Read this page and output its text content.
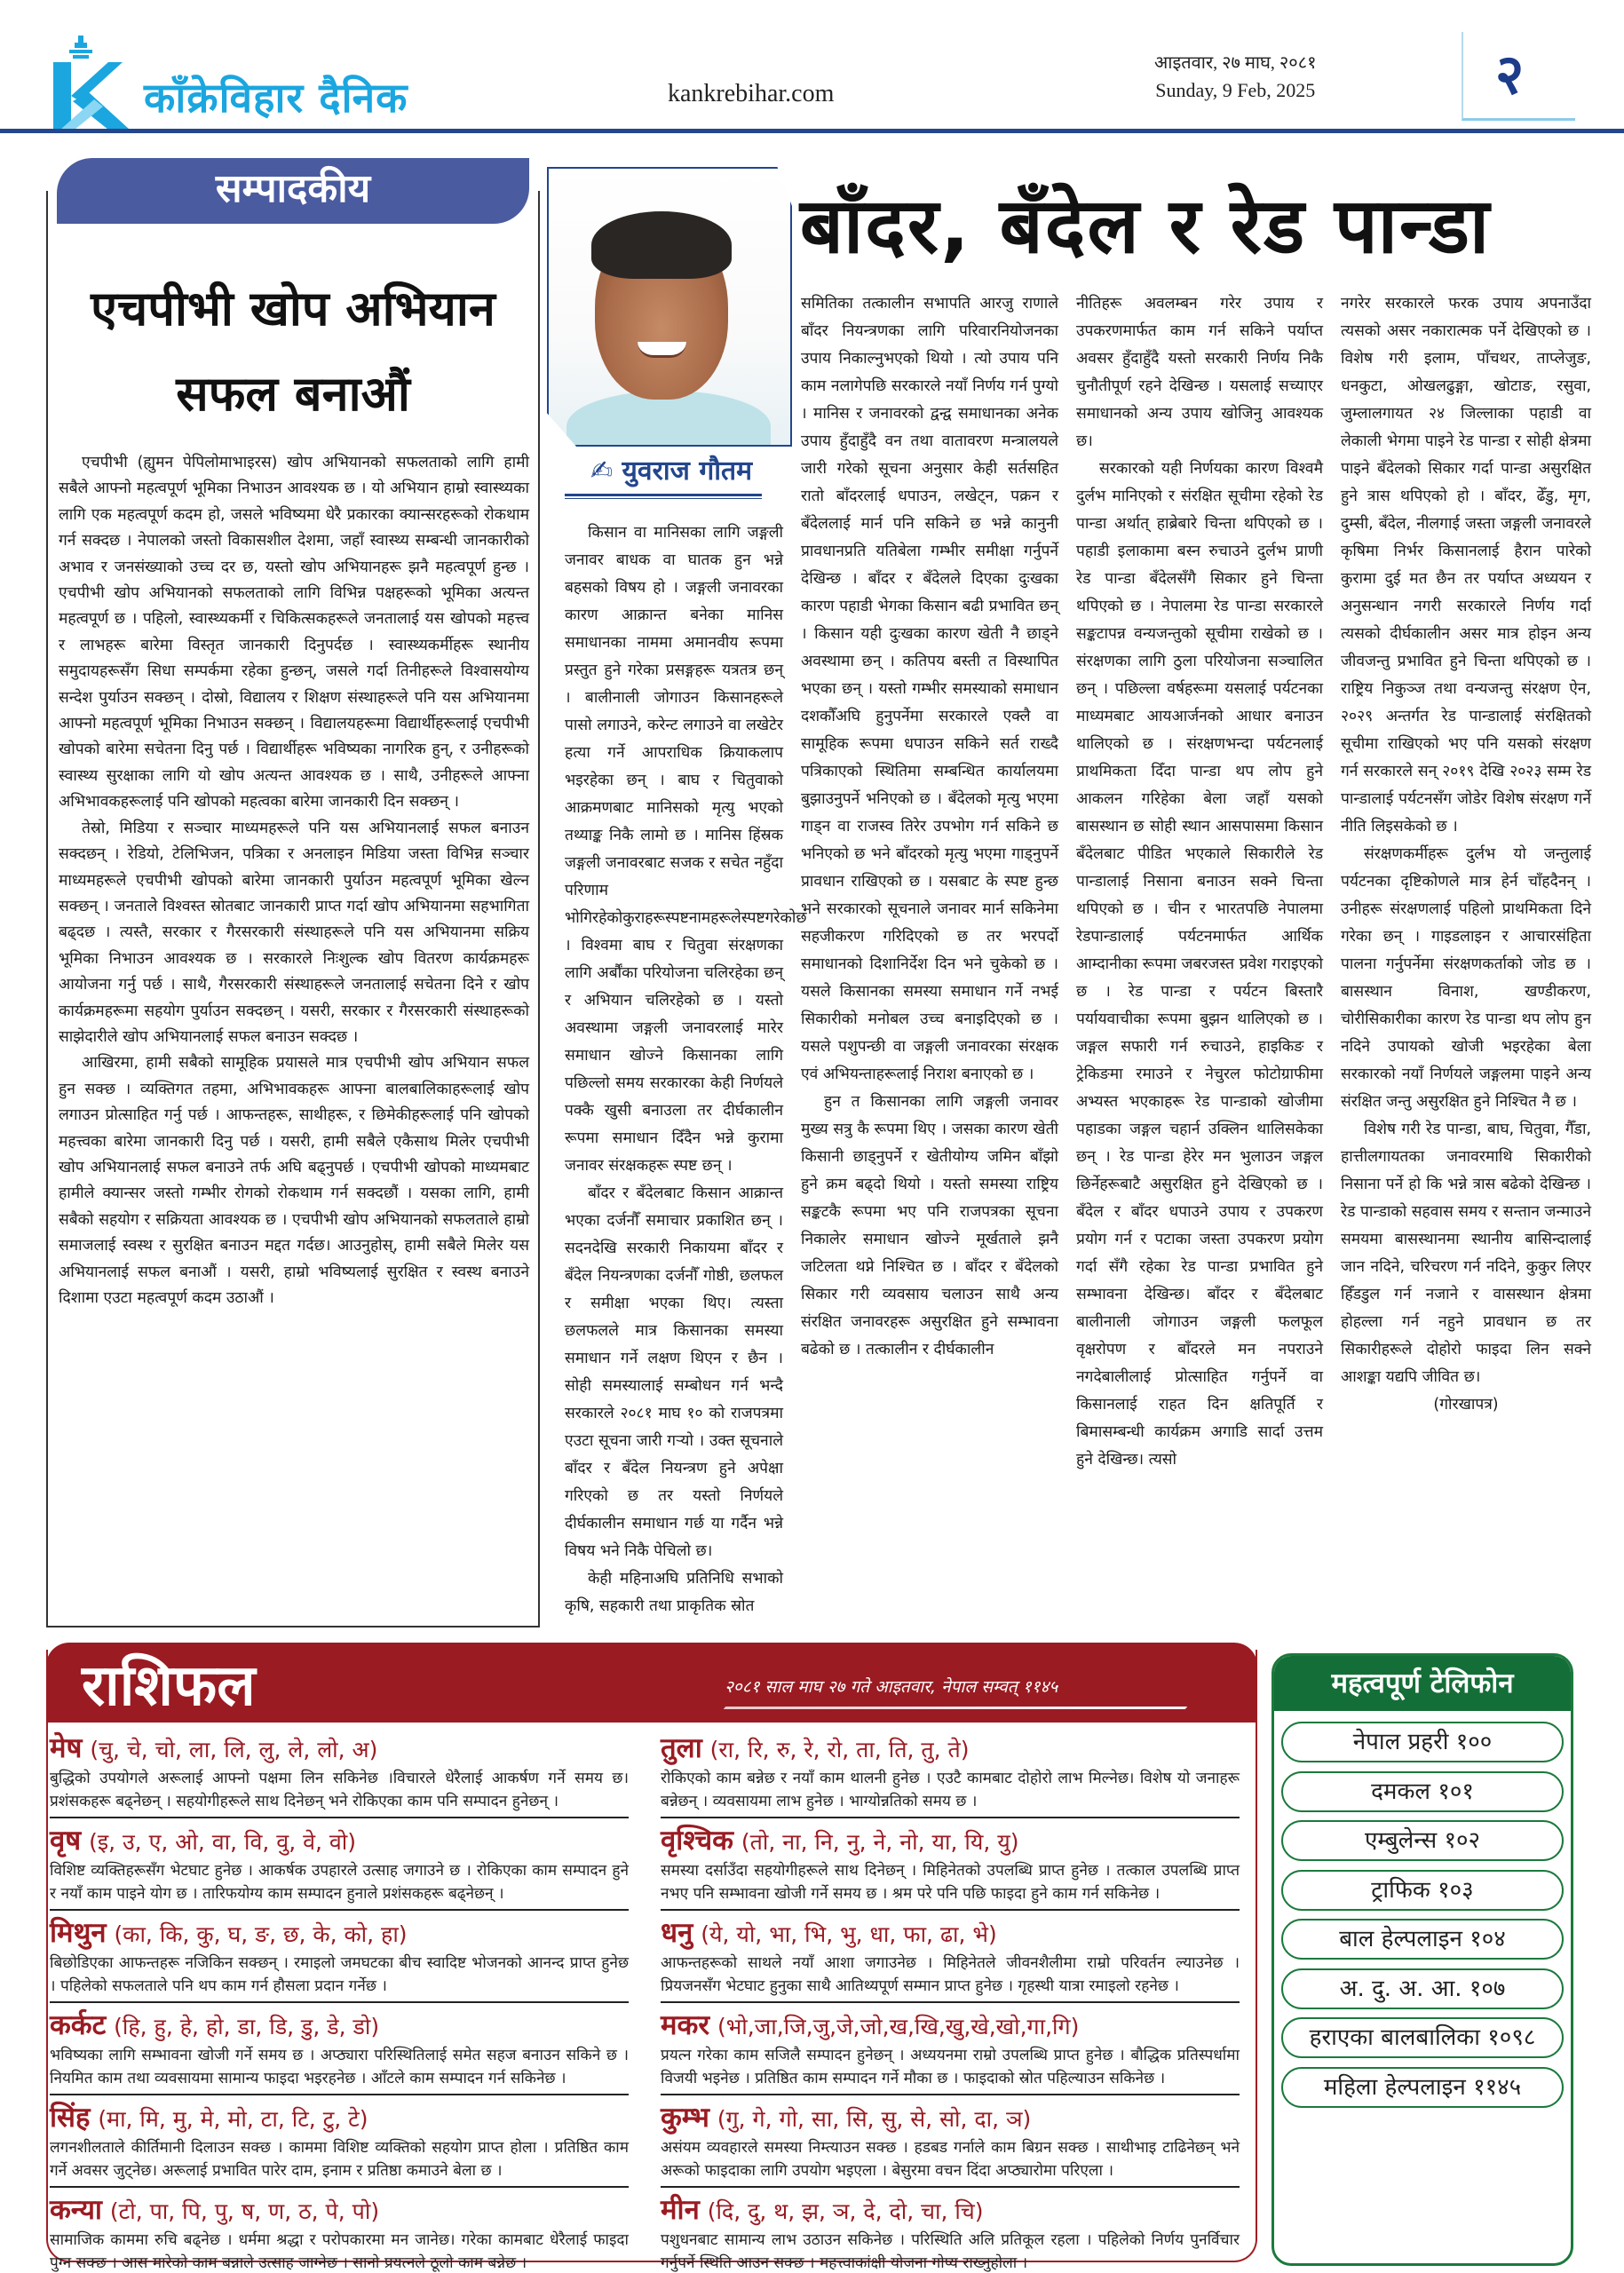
काँक्रेविहार दैनिक	kankrebihar.com
आइतवार, २७ माघ, २०८१
Sunday, 9 Feb, 2025	२
सम्पादकीय
एचपीभी खोप अभियान
सफल बनाऔं

एचपीभी (ह्युमन पेपिलोमाभाइरस) खोप अभियानको सफलताको लागि हामी सबैले आफ्नो महत्वपूर्ण भूमिका निभाउन आवश्यक छ । यो अभियान हाम्रो स्वास्थ्यका लागि एक महत्वपूर्ण कदम हो, जसले भविष्यमा धेरै प्रकारका क्यान्सरहरूको रोकथाम गर्न सक्दछ । नेपालको जस्तो विकासशील देशमा, जहाँ स्वास्थ्य सम्बन्धी जानकारीको अभाव र जनसंख्याको उच्च दर छ, यस्तो खोप अभियानहरू झनै महत्वपूर्ण हुन्छ । एचपीभी खोप अभियानको सफलताको लागि विभिन्न पक्षहरूको भूमिका अत्यन्त महत्वपूर्ण छ । पहिलो, स्वास्थ्यकर्मी र चिकित्सकहरूले जनतालाई यस खोपको महत्त्व र लाभहरू बारेमा विस्तृत जानकारी दिनुपर्दछ । स्वास्थ्यकर्मीहरू स्थानीय समुदायहरूसँग सिधा सम्पर्कमा रहेका हुन्छन्, जसले गर्दा तिनीहरूले विश्वासयोग्य सन्देश पुर्याउन सक्छन् । दोस्रो, विद्यालय र शिक्षण संस्थाहरूले पनि यस अभियानमा आफ्नो महत्वपूर्ण भूमिका निभाउन सक्छन् । विद्यालयहरूमा विद्यार्थीहरूलाई एचपीभी खोपको बारेमा सचेतना दिनु पर्छ । विद्यार्थीहरू भविष्यका नागरिक हुन्, र उनीहरूको स्वास्थ्य सुरक्षाका लागि यो खोप अत्यन्त आवश्यक छ । साथै, उनीहरूले आफ्ना अभिभावकहरूलाई पनि खोपको महत्वका बारेमा जानकारी दिन सक्छन् ।

तेस्रो, मिडिया र सञ्चार माध्यमहरूले पनि यस अभियानलाई सफल बनाउन सक्दछन् । रेडियो, टेलिभिजन, पत्रिका र अनलाइन मिडिया जस्ता विभिन्न सञ्चार माध्यमहरूले एचपीभी खोपको बारेमा जानकारी पुर्याउन महत्वपूर्ण भूमिका खेल्न सक्छन् । जनतालेे विश्वस्त स्रोतबाट जानकारी प्राप्त गर्दा खोप अभियानमा सहभागिता बढ्दछ । त्यस्तै, सरकार र गैरसरकारी संस्थाहरूले पनि यस अभियानमा सक्रिय भूमिका निभाउन आवश्यक छ । सरकारले निःशुल्क खोप वितरण कार्यक्रमहरू आयोजना गर्नु पर्छ । साथै, गैरसरकारी संस्थाहरूले जनतालाई सचेतना दिने र खोप कार्यक्रमहरूमा सहयोग पुर्याउन सक्दछन् । यसरी, सरकार र गैरसरकारी संस्थाहरूको साझेदारीले खोप अभियानलाई सफल बनाउन सक्दछ ।

आखिरमा, हामी सबैको सामूहिक प्रयासले मात्र एचपीभी खोप अभियान सफल हुन सक्छ । व्यक्तिगत तहमा, अभिभावकहरू आफ्ना बालबालिकाहरूलाई खोप लगाउन प्रोत्साहित गर्नु पर्छ । आफन्तहरू, साथीहरू, र छिमेकीहरूलाई पनि खोपको महत्त्वका बारेमा जानकारी दिनु पर्छ । यसरी, हामी सबैले एकैसाथ मिलेर एचपीभी खोप अभियानलाई सफल बनाउने तर्फ अघि बढ्नुपर्छ । एचपीभी खोपको माध्यमबाट हामीले क्यान्सर जस्तो गम्भीर रोगको रोकथाम गर्न सक्दछौं । यसका लागि, हामी सबैको सहयोग र सक्रियता आवश्यक छ । एचपीभी खोप अभियानको सफलताले हाम्रो समाजलाई स्वस्थ र सुरक्षित बनाउन मद्दत गर्दछ। आउनुहोस्, हामी सबैले मिलेर यस अभियानलाई सफल बनाऔं । यसरी, हाम्रो भविष्यलाई सुरक्षित र स्वस्थ बनाउने दिशामा एउटा महत्वपूर्ण कदम उठाऔं ।

✍ युवराज गौतम
बाँदर, बँदेल र रेड पान्डा

किसान वा मानिसका लागि जङ्गली जनावर बाधक वा घातक हुन भन्ने बहसको विषय हो । जङ्गली जनावरका कारण आक्रान्त बनेका मानिस समाधानका नाममा अमानवीय रूपमा प्रस्तुत हुने गरेका प्रसङ्गहरू यत्रतत्र छन् । बालीनाली जोगाउन किसानहरूले पासो लगाउने, करेन्ट लगाउने वा लखेटेर हत्या गर्ने आपराधिक क्रियाकलाप भइरहेका छन् । बाघ र चितुवाको आक्रमणबाट मानिसको मृत्यु भएको तथ्याङ्क निकै लामो छ । मानिस हिंस्रक जङ्गली जनावरबाट सजक र सचेत नहुँदा परिणाम भोगिरहेकोकुराहरूस्पष्टनामहरूलेस्पष्टगरेकोछ । विश्वमा बाघ र चितुवा संरक्षणका लागि अर्बौंका परियोजना चलिरहेका छन् र अभियान चलिरहेको छ । यस्तो अवस्थामा जङ्गली जनावरलाई मारेर समाधान खोज्ने किसानका लागि पछिल्लो समय सरकारका केही निर्णयले पक्कै खुसी बनाउला तर दीर्घकालीन रूपमा समाधान दिँदैन भन्ने कुरामा जनावर संरक्षकहरू स्पष्ट छन् ।

बाँदर र बँदेलबाट किसान आक्रान्त भएका दर्जनौँ समाचार प्रकाशित छन् । सदनदेखि सरकारी निकायमा बाँदर र बँदेल नियन्त्रणका दर्जनौँ गोष्ठी, छलफल र समीक्षा भएका थिए। त्यस्ता छलफलले मात्र किसानका समस्या समाधान गर्ने लक्षण थिएन र छैन । सोही समस्यालाई सम्बोधन गर्न भन्दै सरकारले २०८१ माघ १० को राजपत्रमा एउटा सूचना जारी गऱ्यो । उक्त सूचनाले बाँदर र बँदेल नियन्त्रण हुने अपेक्षा गरिएको छ तर यस्तो निर्णयले दीर्घकालीन समाधान गर्छ या गर्दैन भन्ने विषय भने निकै पेचिलो छ।

केही महिनाअघि प्रतिनिधि सभाको कृषि, सहकारी तथा प्राकृतिक स्रोत

समितिका तत्कालीन सभापति आरजु राणाले बाँदर नियन्त्रणका लागि परिवारनियोजनका उपाय निकाल्नुभएको थियो । त्यो उपाय पनि काम नलागेपछि सरकारले नयाँ निर्णय गर्न पुग्यो । मानिस र जनावरको द्वन्द्व समाधानका अनेक उपाय हुँदाहुँदै वन तथा वातावरण मन्त्रालयले जारी गरेको सूचना अनुसार केही सर्तसहित रातो बाँदरलाई धपाउन, लखेट्न, पक्रन र बँदेललाई मार्न पनि सकिने छ भन्ने कानुनी प्रावधानप्रति यतिबेला गम्भीर समीक्षा गर्नुपर्ने देखिन्छ । बाँदर र बँदेलले दिएका दुःखका कारण पहाडी भेगका किसान बढी प्रभावित छन् । किसान यही दुःखका कारण खेती नै छाड्ने अवस्थामा छन् । कतिपय बस्ती त विस्थापित भएका छन् । यस्तो गम्भीर समस्याको समाधान दशकौँअघि हुनुपर्नेमा सरकारले एक्लै वा सामूहिक रूपमा धपाउन सकिने सर्त राख्दै पत्रिकाएको स्थितिमा सम्बन्धित कार्यालयमा बुझाउनुपर्ने भनिएको छ । बँदेलको मृत्यु भएमा गाड्न वा राजस्व तिरेर उपभोग गर्न सकिने छ भनिएको छ भने बाँदरको मृत्यु भएमा गाड्नुपर्ने प्रावधान राखिएको छ । यसबाट के स्पष्ट हुन्छ भने सरकारको सूचनाले जनावर मार्न सकिनेमा सहजीकरण गरिदिएको छ तर भरपर्दो समाधानको दिशानिर्देश दिन भने चुकेको छ । यसले किसानका समस्या समाधान गर्ने नभई सिकारीको मनोबल उच्च बनाइदिएको छ । यसले पशुपन्छी वा जङ्गली जनावरका संरक्षक एवं अभियन्ताहरूलाई निराश बनाएको छ ।

हुन त किसानका लागि जङ्गली जनावर मुख्य सत्रु कै रूपमा थिए । जसका कारण खेती किसानी छाड्नुपर्ने र खेतीयोग्य जमिन बाँझो हुने क्रम बढ्दो थियो । यस्तो समस्या राष्ट्रिय सङ्कटकै रूपमा भए पनि राजपत्रका सूचना निकालेर समाधान खोज्ने मूर्खताले झनै जटिलता थप्ने निश्चित छ । बाँदर र बँदेलको सिकार गरी व्यवसाय चलाउन साथै अन्य संरक्षित जनावरहरू असुरक्षित हुने सम्भावना बढेको छ । तत्कालीन र दीर्घकालीन

नीतिहरू अवलम्बन गरेर उपाय र उपकरणमार्फत काम गर्न सकिने पर्याप्त अवसर हुँदाहुँदै यस्तो सरकारी निर्णय निकै चुनौतीपूर्ण रहने देखिन्छ । यसलाई सच्याएर समाधानको अन्य उपाय खोजिनु आवश्यक छ।

सरकारको यही निर्णयका कारण विश्वमै दुर्लभ मानिएको र संरक्षित सूचीमा रहेको रेड पान्डा अर्थात् हाब्रेबारे चिन्ता थपिएको छ । पहाडी इलाकामा बस्न रुचाउने दुर्लभ प्राणी रेड पान्डा बँदेलसँगै सिकार हुने चिन्ता थपिएको छ । नेपालमा रेड पान्डा सरकारले सङ्कटापन्न वन्यजन्तुको सूचीमा राखेको छ । संरक्षणका लागि ठुला परियोजना सञ्चालित छन् । पछिल्ला वर्षहरूमा यसलाई पर्यटनका माध्यमबाट आयआर्जनको आधार बनाउन थालिएको छ । संरक्षणभन्दा पर्यटनलाई प्राथमिकता दिँदा पान्डा थप लोप हुने आकलन गरिहेका बेला जहाँ यसको बासस्थान छ सोही स्थान आसपासमा किसान बँदेलबाट पीडित भएकाले सिकारीले रेड पान्डालाई निसाना बनाउन सक्ने चिन्ता थपिएको छ । चीन र भारतपछि नेपालमा रेडपान्डालाई पर्यटनमार्फत आर्थिक आम्दानीका रूपमा जबरजस्त प्रवेश गराइएको छ । रेड पान्डा र पर्यटन बिस्तारै पर्यायवाचीका रूपमा बुझन थालिएको छ । जङ्गल सफारी गर्न रुचाउने, हाइकिङ र ट्रेकिङमा रमाउने र नेचुरल फोटोग्राफीमा अभ्यस्त भएकाहरू रेड पान्डाको खोजीमा पहाडका जङ्गल चहार्न उक्लिन थालिसकेका छन् । रेड पान्डा हेरेर मन भुलाउन जङ्गल छिर्नेहरूबाटै असुरक्षित हुने देखिएको छ । बँदेल र बाँदर धपाउने उपाय र उपकरण प्रयोग गर्न र पटाका जस्ता उपकरण प्रयोग गर्दा सँगै रहेका रेड पान्डा प्रभावित हुने सम्भावना देखिन्छ। बाँदर र बँदेलबाट बालीनाली जोगाउन जङ्गली फलफूल वृक्षरोपण र बाँदरले मन नपराउने नगदेबालीलाई प्रोत्साहित गर्नुपर्ने वा किसानलाई राहत दिन क्षतिपूर्ति र बिमासम्बन्धी कार्यक्रम अगाडि सार्दा उत्तम हुने देखिन्छ। त्यसो

नगरेर सरकारले फरक उपाय अपनाउँदा त्यसको असर नकारात्मक पर्ने देखिएको छ । विशेष गरी इलाम, पाँचथर, ताप्लेजुङ, धनकुटा, ओखलढुङ्गा, खोटाङ, रसुवा, जुम्लालगायत २४ जिल्लाका पहाडी वा लेकाली भेगमा पाइने रेड पान्डा र सोही क्षेत्रमा पाइने बँदेलको सिकार गर्दा पान्डा असुरक्षित हुने त्रास थपिएको हो । बाँदर, ढेँडु, मृग, दुम्सी, बँदेल, नीलगाई जस्ता जङ्गली जनावरले कृषिमा निर्भर किसानलाई हैरान पारेको कुरामा दुई मत छैन तर पर्याप्त अध्ययन र अनुसन्धान नगरी सरकारले निर्णय गर्दा त्यसको दीर्घकालीन असर मात्र होइन अन्य जीवजन्तु प्रभावित हुने चिन्ता थपिएको छ । राष्ट्रिय निकुञ्ज तथा वन्यजन्तु संरक्षण ऐन, २०२९ अन्तर्गत रेड पान्डालाई संरक्षितको सूचीमा राखिएको भए पनि यसको संरक्षण गर्न सरकारले सन् २०१९ देखि २०२३ सम्म रेड पान्डालाई पर्यटनसँग जोडेर विशेष संरक्षण गर्ने नीति लिइसकेको छ ।

संरक्षणकर्मीहरू दुर्लभ यो जन्तुलाई पर्यटनका दृष्टिकोणले मात्र हेर्न चाँहदैनन् । उनीहरू संरक्षणलाई पहिलो प्राथमिकता दिने गरेका छन् । गाइडलाइन र आचारसंहिता पालना गर्नुपर्नेमा संरक्षणकर्ताको जोड छ । बासस्थान विनाश, खण्डीकरण, चोरीसिकारीका कारण रेड पान्डा थप लोप हुन नदिने उपायको खोजी भइरहेका बेला सरकारको नयाँ निर्णयले जङ्गलमा पाइने अन्य संरक्षित जन्तु असुरक्षित हुने निश्चित नै छ ।

विशेष गरी रेड पान्डा, बाघ, चितुवा, गैँडा, हात्तीलगायतका जनावरमाथि सिकारीको निसाना पर्ने हो कि भन्ने त्रास बढेको देखिन्छ । रेड पान्डाको सहवास समय र सन्तान जन्माउने समयमा बासस्थानमा स्थानीय बासिन्दालाई जान नदिने, चरिचरण गर्न नदिने, कुकुर लिएर हिँडडुल गर्न नजाने र वासस्थान क्षेत्रमा होहल्ला गर्न नहुने प्रावधान छ तर सिकारीहरूले दोहोरो फाइदा लिन सक्ने आशङ्का यद्यपि जीवित छ।

(गोरखापत्र)

राशिफल	२०८१ साल माघ २७ गते आइतवार, नेपाल सम्वत् ११४५
मेष (चु, चे, चो, ला, लि, लु, ले, लो, अ)
बुद्धिको उपयोगले अरूलाई आफ्नो पक्षमा लिन सकिनेछ ।विचारले धेरैलाई आकर्षण गर्ने समय छ। प्रशंसकहरू बढ्नेछन् । सहयोगीहरूले साथ दिनेछन् भने रोकिएका काम पनि सम्पादन हुनेछन् ।
वृष (इ, उ, ए, ओ, वा, वि, वु, वे, वो)
विशिष्ट व्यक्तिहरूसँग भेटघाट हुनेछ । आकर्षक उपहारले उत्साह जगाउने छ । रोकिएका काम सम्पादन हुने र नयाँ काम पाइने योग छ । तारिफयोग्य काम सम्पादन हुनाले प्रशंसकहरू बढ्नेछन् ।
मिथुन (का, कि, कु, घ, ङ, छ, के, को, हा)
बिछोडिएका आफन्तहरू नजिकिन सक्छन् । रमाइलो जमघटका बीच स्वादिष्ट भोजनको आनन्द प्राप्त हुनेछ । पहिलेको सफलताले पनि थप काम गर्न हौसला प्रदान गर्नेछ ।
कर्कट (हि, हु, हे, हो, डा, डि, डु, डे, डो)
भविष्यका लागि सम्भावना खोजी गर्ने समय छ । अप्ठ्यारा परिस्थितिलाई समेत सहज बनाउन सकिने छ । नियमित काम तथा व्यवसायमा सामान्य फाइदा भइरहनेछ । आँटले काम सम्पादन गर्न सकिनेछ ।
सिंह (मा, मि, मु, मे, मो, टा, टि, टु, टे)
लगनशीलताले कीर्तिमानी दिलाउन सक्छ । काममा विशिष्ट व्यक्तिको सहयोग प्राप्त होला । प्रतिष्ठित काम गर्ने अवसर जुट्नेछ। अरूलाई प्रभावित पारेर दाम, इनाम र प्रतिष्ठा कमाउने बेला छ ।
कन्या (टो, पा, पि, पु, ष, ण, ठ, पे, पो)
सामाजिक काममा रुचि बढ्नेछ । धर्ममा श्रद्धा र परोपकारमा मन जानेछ। गरेका कामबाट धेरैलाई फाइदा पुग्न सक्छ । आस मारेको काम बन्नाले उत्साह जाग्नेछ । सानो प्रयत्नले ठूलो काम बन्नेछ ।
तुला (रा, रि, रु, रे, रो, ता, ति, तु, ते)
रोकिएको काम बन्नेछ र नयाँ काम थालनी हुनेछ । एउटै कामबाट दोहोरो लाभ मिल्नेछ। विशेष यो जनाहरू बन्नेछन् । व्यवसायमा लाभ हुनेछ । भाग्योन्नतिको समय छ ।
वृश्चिक (तो, ना, नि, नु, ने, नो, या, यि, यु)
समस्या दर्साउँदा सहयोगीहरूले साथ दिनेछन् । मिहिनेतको उपलब्धि प्राप्त हुनेछ । तत्काल उपलब्धि प्राप्त नभए पनि सम्भावना खोजी गर्ने समय छ । श्रम परे पनि पछि फाइदा हुने काम गर्न सकिनेछ ।
धनु (ये, यो, भा, भि, भु, धा, फा, ढा, भे)
आफन्तहरूको साथले नयाँ आशा जगाउनेछ । मिहिनेतले जीवनशैलीमा राम्रो परिवर्तन ल्याउनेछ । प्रियजनसँग भेटघाट हुनुका साथै आतिथ्यपूर्ण सम्मान प्राप्त हुनेछ । गृहस्थी यात्रा रमाइलो रहनेछ ।
मकर (भो,जा,जि,जु,जे,जो,ख,खि,खु,खे,खो,गा,गि)
प्रयत्न गरेका काम सजिलै सम्पादन हुनेछन् । अध्ययनमा राम्रो उपलब्धि प्राप्त हुनेछ । बौद्धिक प्रतिस्पर्धामा विजयी भइनेछ । प्रतिष्ठित काम सम्पादन गर्ने मौका छ । फाइदाको स्रोत पहिल्याउन सकिनेछ ।
कुम्भ (गु, गे, गो, सा, सि, सु, से, सो, दा, ञ)
असंयम व्यवहारले समस्या निम्त्याउन सक्छ । हडबड गर्नाले काम बिग्रन सक्छ । साथीभाइ टाढिनेछन् भने अरूको फाइदाका लागि उपयोग भइएला । बेसुरमा वचन दिंदा अप्ठ्यारोमा परिएला ।
मीन (दि, दु, थ, झ, ञ, दे, दो, चा, चि)
पशुधनबाट सामान्य लाभ उठाउन सकिनेछ । परिस्थिति अलि प्रतिकूल रहला । पहिलेको निर्णय पुनर्विचार गर्नुपर्ने स्थिति आउन सक्छ । महत्त्वाकांक्षी योजना गोप्य राख्नुहोला ।
महत्वपूर्ण टेलिफोन
नेपाल प्रहरी १००
दमकल १०१
एम्बुलेन्स १०२
ट्राफिक १०३
बाल हेल्पलाइन १०४
अ. दु. अ. आ. १०७
हराएका बालबालिका १०९८
महिला हेल्पलाइन ११४५
